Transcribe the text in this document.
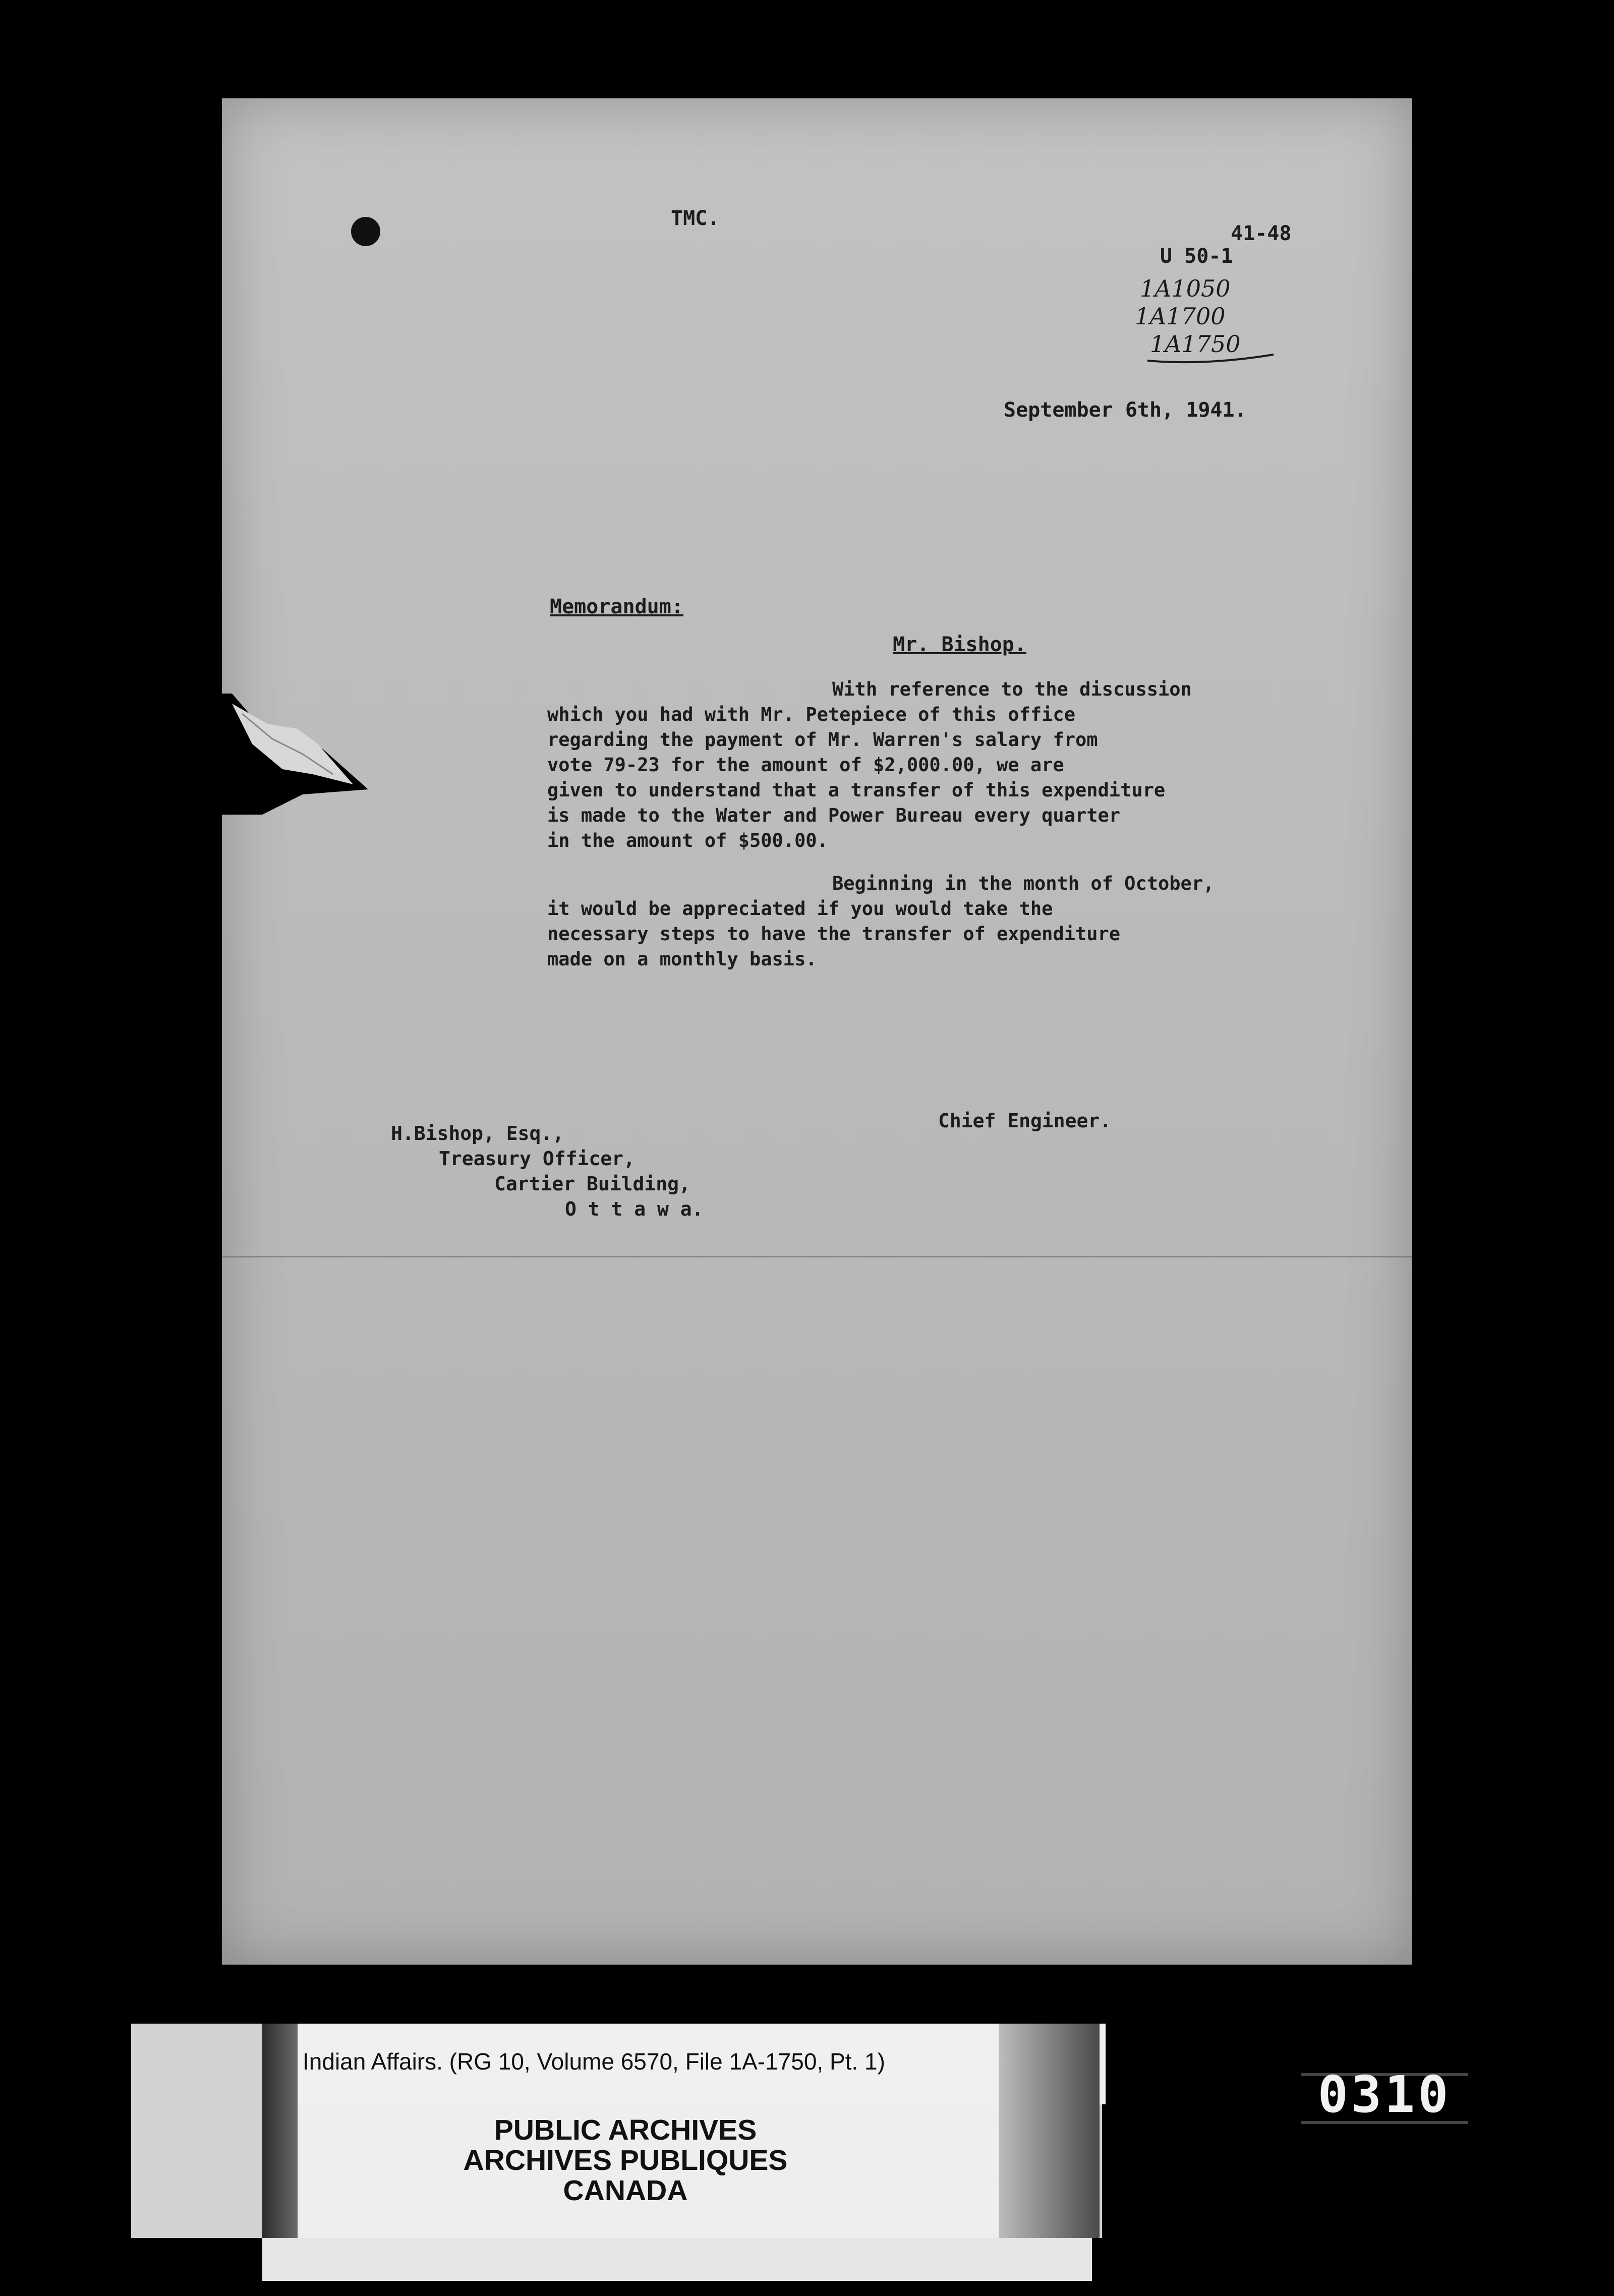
TMC.
41-48
U 50-1
1A1050
1A1700
1A1750
September 6th, 1941.
Memorandum:
Mr. Bishop.
With reference to the discussion
which you had with Mr. Petepiece of this office
regarding the payment of Mr. Warren's salary from
vote 79-23 for the amount of $2,000.00, we are
given to understand that a transfer of this expenditure
is made to the Water and Power Bureau every quarter
in the amount of $500.00.
Beginning in the month of October,
it would be appreciated if you would take the
necessary steps to have the transfer of expenditure
made on a monthly basis.
Chief Engineer.
H.Bishop, Esq.,
Treasury Officer,
Cartier Building,
O t t a w a.
Indian Affairs. (RG 10, Volume 6570, File 1A-1750, Pt. 1)
PUBLIC ARCHIVES
ARCHIVES PUBLIQUES
CANADA
0310
